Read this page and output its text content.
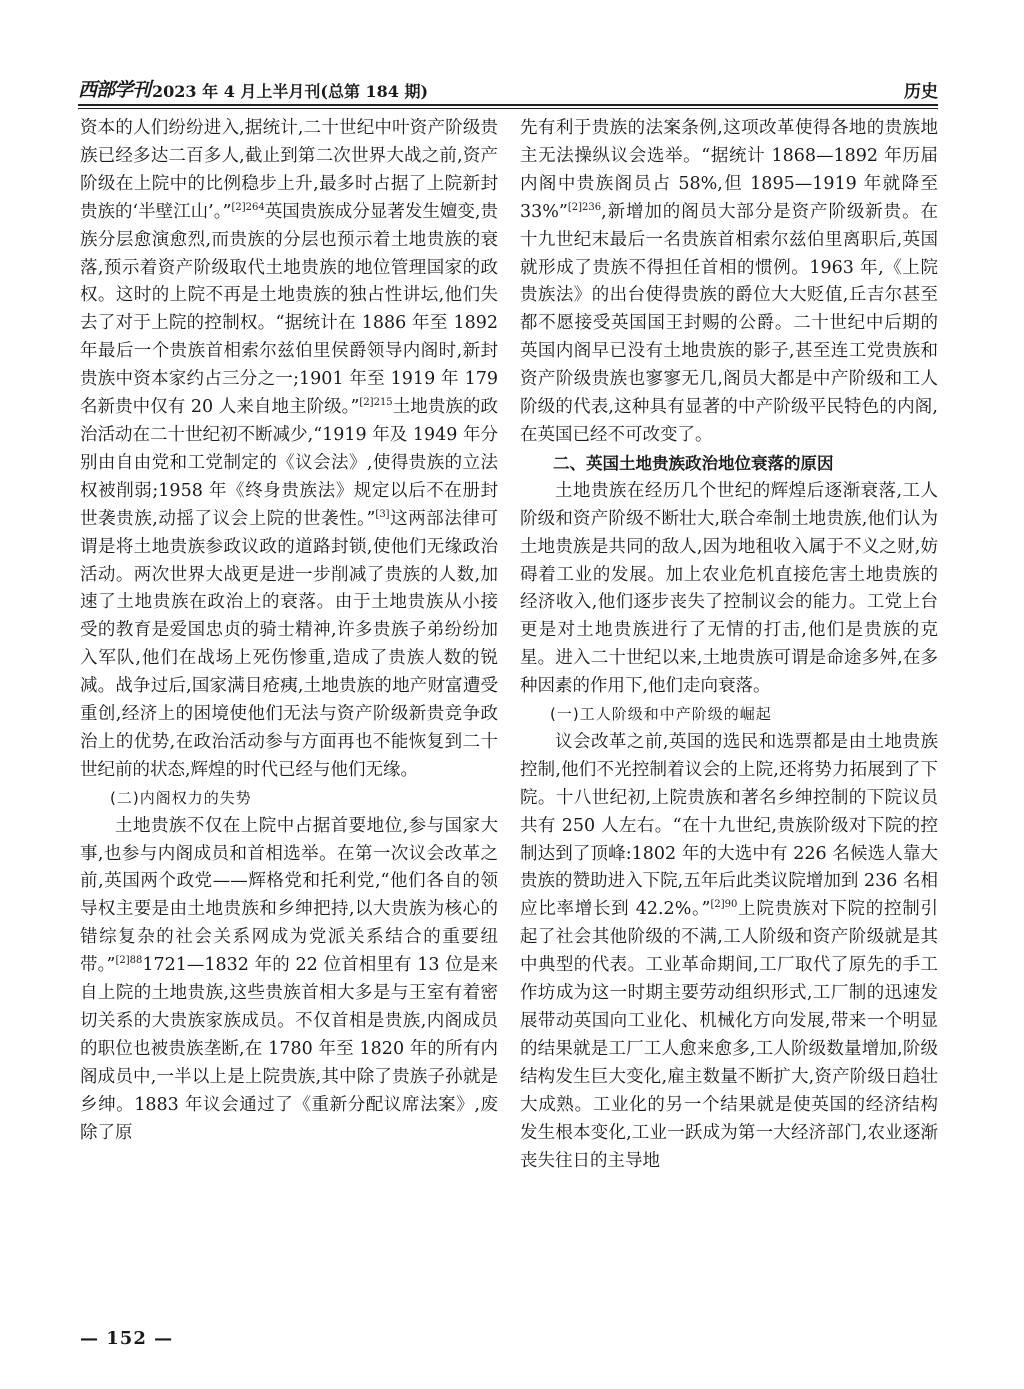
西部学刊 2023 年 4 月上半月刊(总第 184 期)	历史

资本的人们纷纷进入,据统计,二十世纪中叶资产阶级贵族已经多达二百多人,截止到第二次世界大战之前,资产阶级在上院中的比例稳步上升,最多时占据了上院新封贵族的‘半壁江山’。”$^{[2]264}$英国贵族成分显著发生嬗变,贵族分层愈演愈烈,而贵族的分层也预示着土地贵族的衰落,预示着资产阶级取代土地贵族的地位管理国家的政权。这时的上院不再是土地贵族的独占性讲坛,他们失去了对于上院的控制权。“据统计在 1886 年至 1892 年最后一个贵族首相索尔兹伯里侯爵领导内阁时,新封贵族中资本家约占三分之一;1901 年至 1919 年 179 名新贵中仅有 20 人来自地主阶级。”$^{[2]215}$土地贵族的政治活动在二十世纪初不断减少,“1919 年及 1949 年分别由自由党和工党制定的《议会法》,使得贵族的立法权被削弱;1958 年《终身贵族法》规定以后不在册封世袭贵族,动摇了议会上院的世袭性。”[3]这两部法律可谓是将土地贵族参政议政的道路封锁,使他们无缘政治活动。两次世界大战更是进一步削减了贵族的人数,加速了土地贵族在政治上的衰落。由于土地贵族从小接受的教育是爱国忠贞的骑士精神,许多贵族子弟纷纷加入军队,他们在战场上死伤惨重,造成了贵族人数的锐减。战争过后,国家满目疮痍,土地贵族的地产财富遭受重创,经济上的困境使他们无法与资产阶级新贵竞争政治上的优势,在政治活动参与方面再也不能恢复到二十世纪前的状态,辉煌的时代已经与他们无缘。

(二)内阁权力的失势

土地贵族不仅在上院中占据首要地位,参与国家大事,也参与内阁成员和首相选举。在第一次议会改革之前,英国两个政党——辉格党和托利党,“他们各自的领导权主要是由土地贵族和乡绅把持,以大贵族为核心的错综复杂的社会关系网成为党派关系结合的重要纽带。”$^{[2]88}$1721—1832 年的 22 位首相里有 13 位是来自上院的土地贵族,这些贵族首相大多是与王室有着密切关系的大贵族家族成员。不仅首相是贵族,内阁成员的职位也被贵族垄断,在 1780 年至 1820 年的所有内阁成员中,一半以上是上院贵族,其中除了贵族子孙就是乡绅。1883 年议会通过了《重新分配议席法案》,废除了原

先有利于贵族的法案条例,这项改革使得各地的贵族地主无法操纵议会选举。“据统计 1868—1892 年历届内阁中贵族阁员占 58%,但 1895—1919 年就降至 33%”$^{[2]236}$,新增加的阁员大部分是资产阶级新贵。在十九世纪末最后一名贵族首相索尔兹伯里离职后,英国就形成了贵族不得担任首相的惯例。1963 年,《上院贵族法》的出台使得贵族的爵位大大贬值,丘吉尔甚至都不愿接受英国国王封赐的公爵。二十世纪中后期的英国内阁早已没有土地贵族的影子,甚至连工党贵族和资产阶级贵族也寥寥无几,阁员大都是中产阶级和工人阶级的代表,这种具有显著的中产阶级平民特色的内阁,在英国已经不可改变了。

二、英国土地贵族政治地位衰落的原因

土地贵族在经历几个世纪的辉煌后逐渐衰落,工人阶级和资产阶级不断壮大,联合牵制土地贵族,他们认为土地贵族是共同的敌人,因为地租收入属于不义之财,妨碍着工业的发展。加上农业危机直接危害土地贵族的经济收入,他们逐步丧失了控制议会的能力。工党上台更是对土地贵族进行了无情的打击,他们是贵族的克星。进入二十世纪以来,土地贵族可谓是命途多舛,在多种因素的作用下,他们走向衰落。

(一)工人阶级和中产阶级的崛起

议会改革之前,英国的选民和选票都是由土地贵族控制,他们不光控制着议会的上院,还将势力拓展到了下院。十八世纪初,上院贵族和著名乡绅控制的下院议员共有 250 人左右。“在十九世纪,贵族阶级对下院的控制达到了顶峰:1802 年的大选中有 226 名候选人靠大贵族的赞助进入下院,五年后此类议院增加到 236 名相应比率增长到 42.2%。”$^{[2]90}$上院贵族对下院的控制引起了社会其他阶级的不满,工人阶级和资产阶级就是其中典型的代表。工业革命期间,工厂取代了原先的手工作坊成为这一时期主要劳动组织形式,工厂制的迅速发展带动英国向工业化、机械化方向发展,带来一个明显的结果就是工厂工人愈来愈多,工人阶级数量增加,阶级结构发生巨大变化,雇主数量不断扩大,资产阶级日趋壮大成熟。工业化的另一个结果就是使英国的经济结构发生根本变化,工业一跃成为第一大经济部门,农业逐渐丧失往日的主导地

— 152 —
